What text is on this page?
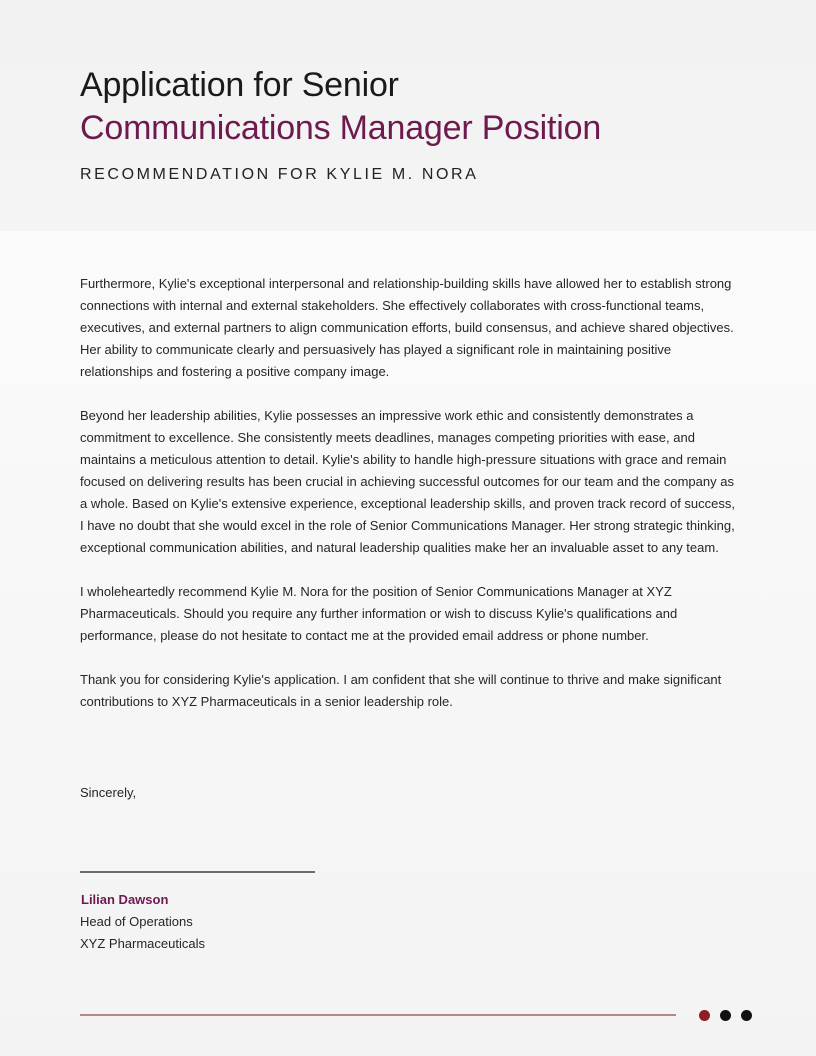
Application for Senior
Communications Manager Position
RECOMMENDATION FOR KYLIE M. NORA

Furthermore, Kylie's exceptional interpersonal and relationship-building skills have allowed her to establish strong connections with internal and external stakeholders. She effectively collaborates with cross-functional teams, executives, and external partners to align communication efforts, build consensus, and achieve shared objectives. Her ability to communicate clearly and persuasively has played a significant role in maintaining positive relationships and fostering a positive company image.

Beyond her leadership abilities, Kylie possesses an impressive work ethic and consistently demonstrates a commitment to excellence. She consistently meets deadlines, manages competing priorities with ease, and maintains a meticulous attention to detail. Kylie's ability to handle high-pressure situations with grace and remain focused on delivering results has been crucial in achieving successful outcomes for our team and the company as a whole. Based on Kylie's extensive experience, exceptional leadership skills, and proven track record of success, I have no doubt that she would excel in the role of Senior Communications Manager. Her strong strategic thinking, exceptional communication abilities, and natural leadership qualities make her an invaluable asset to any team.

I wholeheartedly recommend Kylie M. Nora for the position of Senior Communications Manager at XYZ Pharmaceuticals. Should you require any further information or wish to discuss Kylie's qualifications and performance, please do not hesitate to contact me at the provided email address or phone number.

Thank you for considering Kylie's application. I am confident that she will continue to thrive and make significant contributions to XYZ Pharmaceuticals in a senior leadership role.

Sincerely,
Lilian Dawson
Head of Operations
XYZ Pharmaceuticals
